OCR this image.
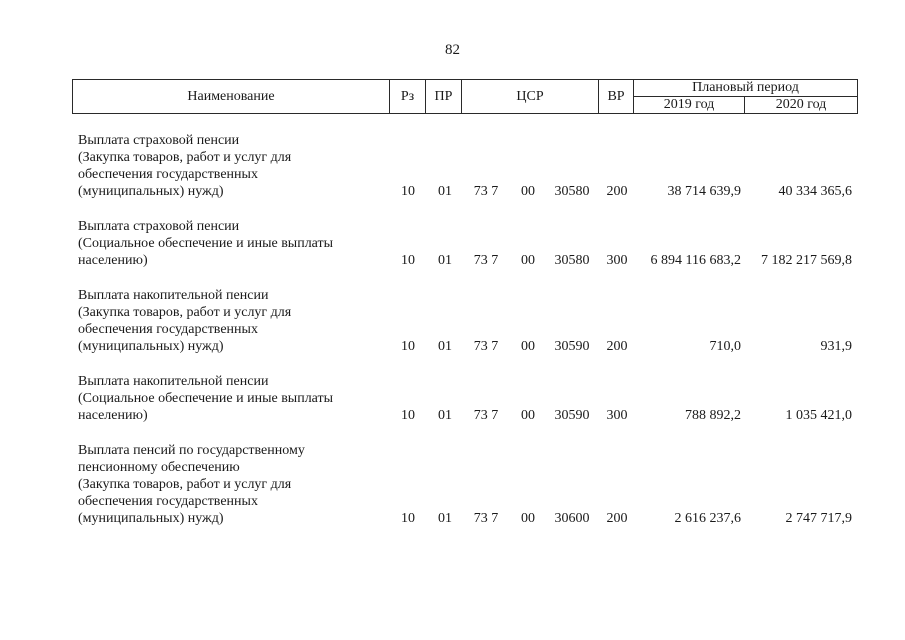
82
Наименование	Рз	ПР	ЦСР	ВР
Плановый период
2019 год	2020 год
Выплата страховой пенсии
(Закупка товаров, работ и услуг для
обеспечения государственных
(муниципальных) нужд)	10	01	73 7	00	30580	200	38 714 639,9	40 334 365,6
Выплата страховой пенсии
(Социальное обеспечение и иные выплаты
населению)	10	01	73 7	00	30580	300	6 894 116 683,2	7 182 217 569,8
Выплата накопительной пенсии
(Закупка товаров, работ и услуг для
обеспечения государственных
(муниципальных) нужд)	10	01	73 7	00	30590	200	710,0	931,9
Выплата накопительной пенсии
(Социальное обеспечение и иные выплаты
населению)	10	01	73 7	00	30590	300	788 892,2	1 035 421,0
Выплата пенсий по государственному
пенсионному обеспечению
(Закупка товаров, работ и услуг для
обеспечения государственных
(муниципальных) нужд)	10	01	73 7	00	30600	200	2 616 237,6	2 747 717,9
